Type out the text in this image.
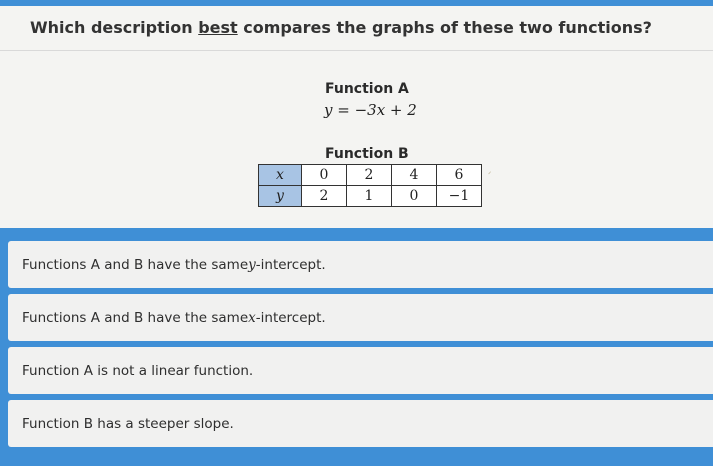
Which description best compares the graphs of these two functions?
Function A
y = −3x + 2
Function B
x	0	2	4	6
y	2	1	0	−1
ᐟ
Functions A and B have the same y -intercept.
Functions A and B have the same x -intercept.
Function A is not a linear function.
Function B has a steeper slope.
